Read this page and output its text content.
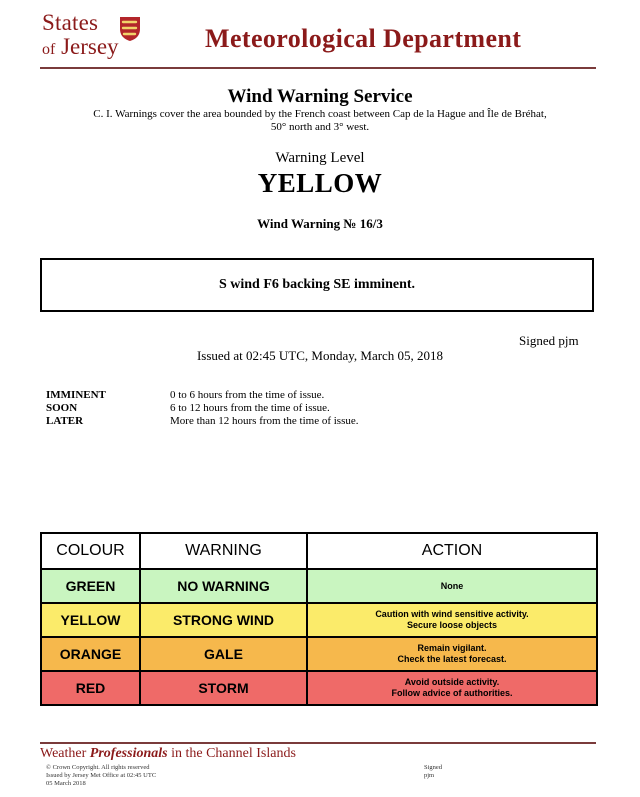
States
of Jersey	Meteorological Department
Wind Warning Service
C. I. Warnings cover the area bounded by the French coast between Cap de la Hague and Île de Bréhat,
50° north and 3° west.
Warning Level
YELLOW
Wind Warning № 16/3
S wind F6 backing SE imminent.
Signed pjm
Issued at 02:45 UTC, Monday, March 05, 2018
IMMINENT	0 to 6 hours from the time of issue.
SOON	6 to 12 hours from the time of issue.
LATER	More than 12 hours from the time of issue.
COLOUR	WARNING	ACTION
GREEN	NO WARNING	None

YELLOW	STRONG WIND	Caution with wind sensitive activity.
Secure loose objects

ORANGE	GALE	Remain vigilant.
Check the latest forecast.

RED	STORM	Avoid outside activity.
Follow advice of authorities.
Weather Professionals in the Channel Islands
© Crown Copyright. All rights reserved
Issued by Jersey Met Office at 02:45 UTC
05 March 2018
Signed
pjm
